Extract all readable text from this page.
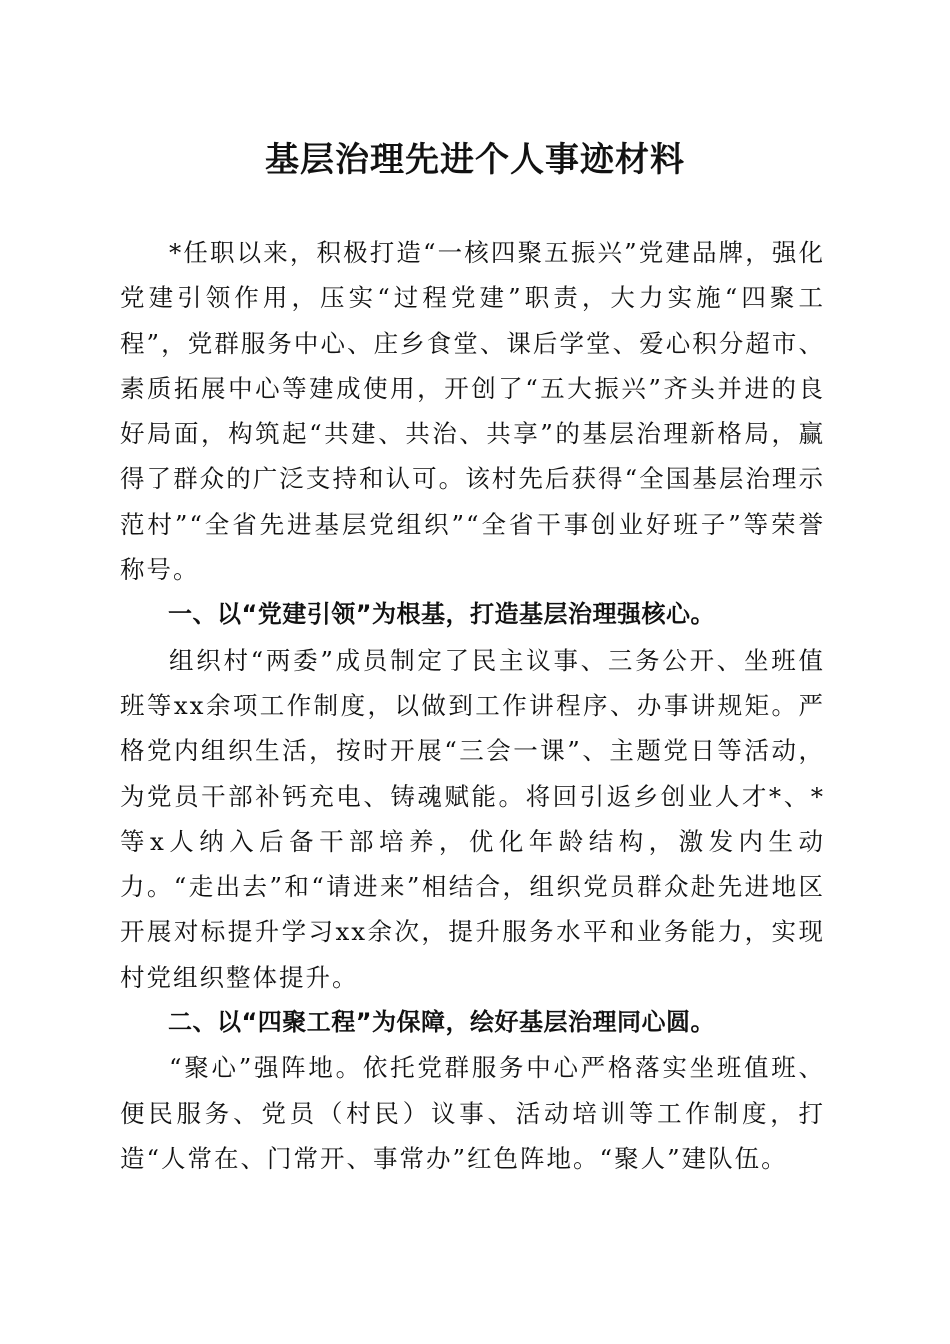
基层治理先进个人事迹材料

*任职以来，积极打造“一核四聚五振兴”党建品牌，强化党建引领作用，压实“过程党建”职责，大力实施“四聚工程”，党群服务中心、庄乡食堂、课后学堂、爱心积分超市、素质拓展中心等建成使用，开创了“五大振兴”齐头并进的良好局面，构筑起“共建、共治、共享”的基层治理新格局，赢得了群众的广泛支持和认可。该村先后获得“全国基层治理示范村”“全省先进基层党组织”“全省干事创业好班子”等荣誉称号。

一、以“党建引领”为根基，打造基层治理强核心。

组织村“两委”成员制定了民主议事、三务公开、坐班值班等xx余项工作制度，以做到工作讲程序、办事讲规矩。严格党内组织生活，按时开展“三会一课”、主题党日等活动，为党员干部补钙充电、铸魂赋能。将回引返乡创业人才*、*等x人纳入后备干部培养，优化年龄结构，激发内生动力。“走出去”和“请进来”相结合，组织党员群众赴先进地区开展对标提升学习xx余次，提升服务水平和业务能力，实现村党组织整体提升。

二、以“四聚工程”为保障，绘好基层治理同心圆。

“聚心”强阵地。依托党群服务中心严格落实坐班值班、便民服务、党员（村民）议事、活动培训等工作制度，打造“人常在、门常开、事常办”红色阵地。“聚人”建队伍。
